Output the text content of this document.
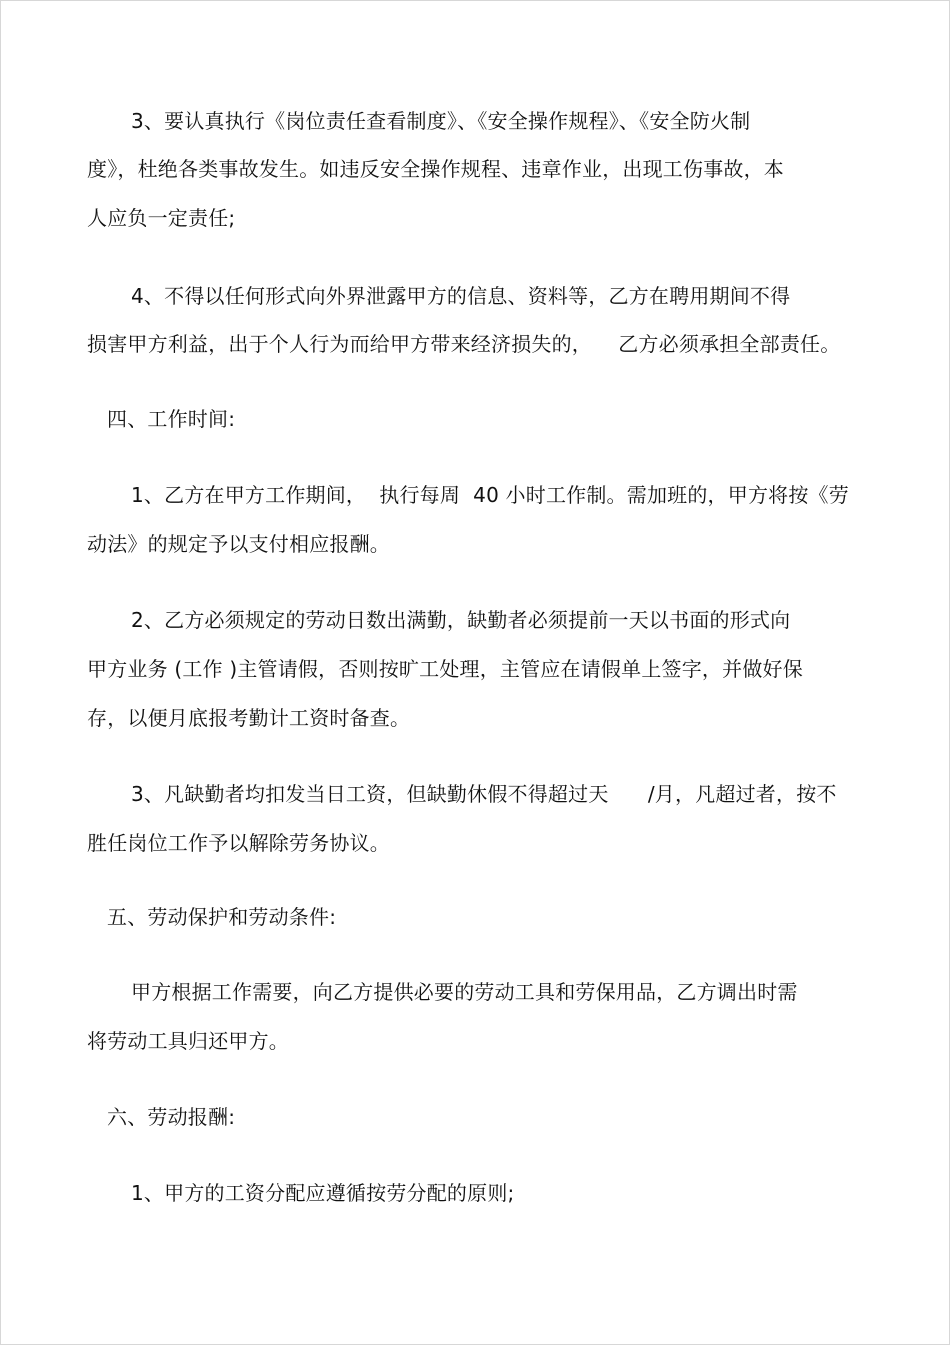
3、要认真执行《岗位责任查看制度》、《安全操作规程》、《安全防火制
度》，杜绝各类事故发生。如违反安全操作规程、违章作业，出现工伤事故，本
人应负一定责任;
4、不得以任何形式向外界泄露甲方的信息、资料等，乙方在聘用期间不得
损害甲方利益，出于个人行为而给甲方带来经济损失的，    乙方必须承担全部责任。
四、工作时间:
1、乙方在甲方工作期间，  执行每周  40 小时工作制。需加班的，甲方将按《劳
动法》的规定予以支付相应报酬。
2、乙方必须规定的劳动日数出满勤，缺勤者必须提前一天以书面的形式向
甲方业务 (工作 )主管请假，否则按旷工处理，主管应在请假单上签字，并做好保
存，以便月底报考勤计工资时备查。
3、凡缺勤者均扣发当日工资，但缺勤休假不得超过天      /月，凡超过者，按不
胜任岗位工作予以解除劳务协议。
五、劳动保护和劳动条件:
甲方根据工作需要，向乙方提供必要的劳动工具和劳保用品，乙方调出时需
将劳动工具归还甲方。
六、劳动报酬:
1、甲方的工资分配应遵循按劳分配的原则;
